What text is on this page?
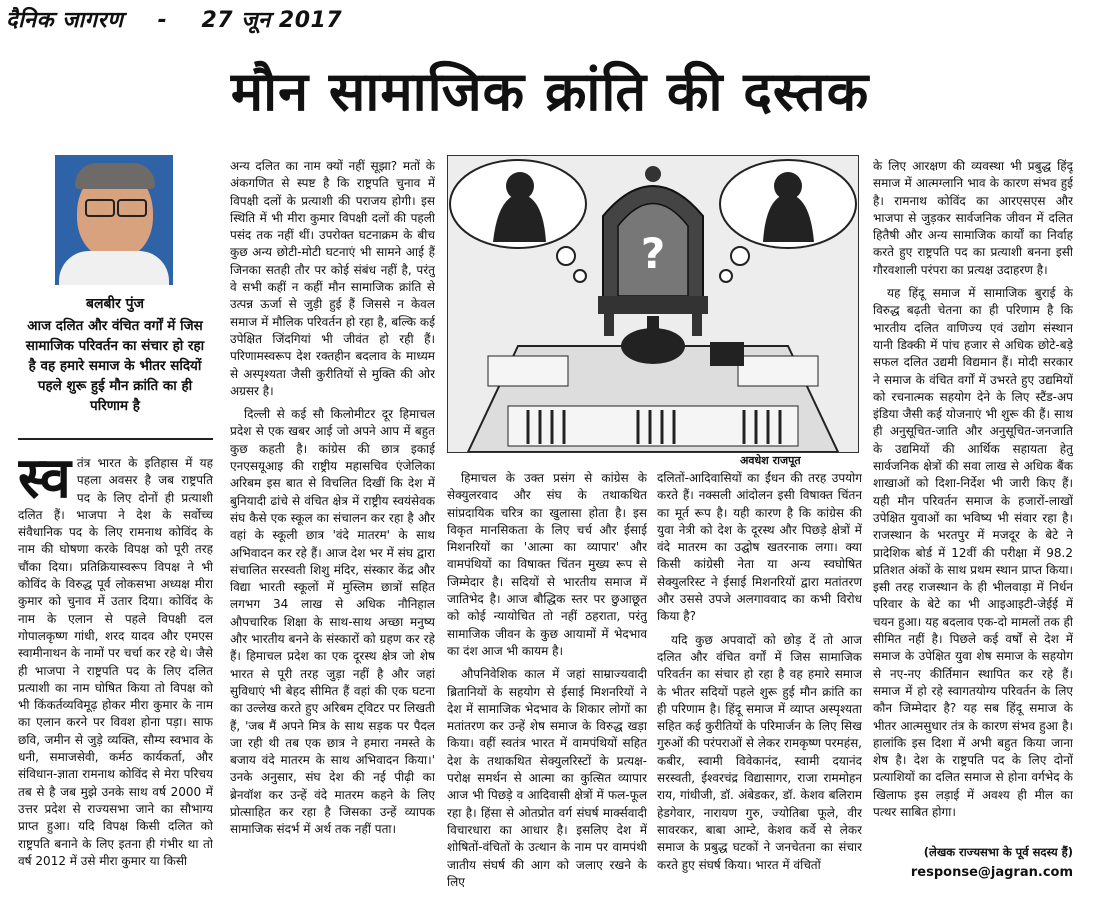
दैनिक जागरण - 27 जून 2017
मौन सामाजिक क्रांति की दस्तक
बलबीर पुंज
आज दलित और वंचित वर्गों में जिस सामाजिक परिवर्तन का संचार हो रहा है वह हमारे समाज के भीतर सदियों पहले शुरू हुई मौन क्रांति का ही परिणाम है

स्व तंत्र भारत के इतिहास में यह पहला अवसर है जब राष्ट्रपति पद के लिए दोनों ही प्रत्याशी दलित हैं। भाजपा ने देश के सर्वोच्च संवैधानिक पद के लिए रामनाथ कोविंद के नाम की घोषणा करके विपक्ष को पूरी तरह चौंका दिया। प्रतिक्रियास्वरूप विपक्ष ने भी कोविंद के विरुद्ध पूर्व लोकसभा अध्यक्ष मीरा कुमार को चुनाव में उतार दिया। कोविंद के नाम के एलान से पहले विपक्षी दल गोपालकृष्ण गांधी, शरद यादव और एमएस स्वामीनाथन के नामों पर चर्चा कर रहे थे। जैसे ही भाजपा ने राष्ट्रपति पद के लिए दलित प्रत्याशी का नाम घोषित किया तो विपक्ष को भी किंकर्तव्यविमूढ़ होकर मीरा कुमार के नाम का एलान करने पर विवश होना पड़ा। साफ छवि, जमीन से जुड़े व्यक्ति, सौम्य स्वभाव के धनी, समाजसेवी, कर्मठ कार्यकर्ता, और संविधान-ज्ञाता रामनाथ कोविंद से मेरा परिचय तब से है जब मुझे उनके साथ वर्ष 2000 में उत्तर प्रदेश से राज्यसभा जाने का सौभाग्य प्राप्त हुआ। यदि विपक्ष किसी दलित को राष्ट्रपति बनाने के लिए इतना ही गंभीर था तो वर्ष 2012 में उसे मीरा कुमार या किसी

अन्य दलित का नाम क्यों नहीं सूझा? मतों के अंकगणित से स्पष्ट है कि राष्ट्रपति चुनाव में विपक्षी दलों के प्रत्याशी की पराजय होगी। इस स्थिति में भी मीरा कुमार विपक्षी दलों की पहली पसंद तक नहीं थीं। उपरोक्त घटनाक्रम के बीच कुछ अन्य छोटी-मोटी घटनाएं भी सामने आई हैं जिनका सतही तौर पर कोई संबंध नहीं है, परंतु वे सभी कहीं न कहीं मौन सामाजिक क्रांति से उत्पन्न ऊर्जा से जुड़ी हुई हैं जिससे न केवल समाज में मौलिक परिवर्तन हो रहा है, बल्कि कई उपेक्षित जिंदगियां भी जीवंत हो रही हैं। परिणामस्वरूप देश रक्तहीन बदलाव के माध्यम से अस्पृश्यता जैसी कुरीतियों से मुक्ति की ओर अग्रसर है।

दिल्ली से कई सौ किलोमीटर दूर हिमाचल प्रदेश से एक खबर आई जो अपने आप में बहुत कुछ कहती है। कांग्रेस की छात्र इकाई एनएसयूआइ की राष्ट्रीय महासचिव एंजेलिका अरिबम इस बात से विचलित दिखीं कि देश में बुनियादी ढांचे से वंचित क्षेत्र में राष्ट्रीय स्वयंसेवक संघ कैसे एक स्कूल का संचालन कर रहा है और वहां के स्कूली छात्र 'वंदे मातरम' के साथ अभिवादन कर रहे हैं। आज देश भर में संघ द्वारा संचालित सरस्वती शिशु मंदिर, संस्कार केंद्र और विद्या भारती स्कूलों में मुस्लिम छात्रों सहित लगभग 34 लाख से अधिक नौनिहाल औपचारिक शिक्षा के साथ-साथ अच्छा मनुष्य और भारतीय बनने के संस्कारों को ग्रहण कर रहे हैं। हिमाचल प्रदेश का एक दूरस्थ क्षेत्र जो शेष भारत से पूरी तरह जुड़ा नहीं है और जहां सुविधाएं भी बेहद सीमित हैं वहां की एक घटना का उल्लेख करते हुए अरिबम ट्विटर पर लिखती हैं, 'जब मैं अपने मित्र के साथ सड़क पर पैदल जा रही थी तब एक छात्र ने हमारा नमस्ते के बजाय वंदे मातरम के साथ अभिवादन किया।' उनके अनुसार, संघ देश की नई पीढ़ी का ब्रेनवॉश कर उन्हें वंदे मातरम कहने के लिए प्रोत्साहित कर रहा है जिसका उन्हें व्यापक सामाजिक संदर्भ में अर्थ तक नहीं पता।

?
अवधेश राजपूत

हिमाचल के उक्त प्रसंग से कांग्रेस के सेक्युलरवाद और संघ के तथाकथित सांप्रदायिक चरित्र का खुलासा होता है। इस विकृत मानसिकता के लिए चर्च और ईसाई मिशनरियों का 'आत्मा का व्यापार' और वामपंथियों का विषाक्त चिंतन मुख्य रूप से जिम्मेदार है। सदियों से भारतीय समाज में जातिभेद है। आज बौद्धिक स्तर पर छुआछूत को कोई न्यायोचित तो नहीं ठहराता, परंतु सामाजिक जीवन के कुछ आयामों में भेदभाव का दंश आज भी कायम है।

औपनिवेशिक काल में जहां साम्राज्यवादी ब्रितानियों के सहयोग से ईसाई मिशनरियों ने देश में सामाजिक भेदभाव के शिकार लोगों का मतांतरण कर उन्हें शेष समाज के विरुद्ध खड़ा किया। वहीं स्वतंत्र भारत में वामपंथियों सहित देश के तथाकथित सेक्युलरिस्टों के प्रत्यक्ष-परोक्ष समर्थन से आत्मा का कुत्सित व्यापार आज भी पिछड़े व आदिवासी क्षेत्रों में फल-फूल रहा है। हिंसा से ओतप्रोत वर्ग संघर्ष मार्क्सवादी विचारधारा का आधार है। इसलिए देश में शोषितों-वंचितों के उत्थान के नाम पर वामपंथी जातीय संघर्ष की आग को जलाए रखने के लिए

दलितों-आदिवासियों का ईंधन की तरह उपयोग करते हैं। नक्सली आंदोलन इसी विषाक्त चिंतन का मूर्त रूप है। यही कारण है कि कांग्रेस की युवा नेत्री को देश के दूरस्थ और पिछड़े क्षेत्रों में वंदे मातरम का उद्घोष खतरनाक लगा। क्या किसी कांग्रेसी नेता या अन्य स्वघोषित सेक्युलरिस्ट ने ईसाई मिशनरियों द्वारा मतांतरण और उससे उपजे अलगाववाद का कभी विरोध किया है?

यदि कुछ अपवादों को छोड़ दें तो आज दलित और वंचित वर्गों में जिस सामाजिक परिवर्तन का संचार हो रहा है वह हमारे समाज के भीतर सदियों पहले शुरू हुई मौन क्रांति का ही परिणाम है। हिंदू समाज में व्याप्त अस्पृश्यता सहित कई कुरीतियों के परिमार्जन के लिए सिख गुरुओं की परंपराओं से लेकर रामकृष्ण परमहंस, कबीर, स्वामी विवेकानंद, स्वामी दयानंद सरस्वती, ईश्वरचंद्र विद्यासागर, राजा राममोहन राय, गांधीजी, डॉ. अंबेडकर, डॉ. केशव बलिराम हेडगेवार, नारायण गुरु, ज्योतिबा फूले, वीर सावरकर, बाबा आम्टे, केशव कर्वे से लेकर समाज के प्रबुद्ध घटकों ने जनचेतना का संचार करते हुए संघर्ष किया। भारत में वंचितों

के लिए आरक्षण की व्यवस्था भी प्रबुद्ध हिंदू समाज में आत्मग्लानि भाव के कारण संभव हुई है। रामनाथ कोविंद का आरएसएस और भाजपा से जुड़कर सार्वजनिक जीवन में दलित हितैषी और अन्य सामाजिक कार्यों का निर्वाह करते हुए राष्ट्रपति पद का प्रत्याशी बनना इसी गौरवशाली परंपरा का प्रत्यक्ष उदाहरण है।

यह हिंदू समाज में सामाजिक बुराई के विरुद्ध बढ़ती चेतना का ही परिणाम है कि भारतीय दलित वाणिज्य एवं उद्योग संस्थान यानी डिक्की में पांच हजार से अधिक छोटे-बड़े सफल दलित उद्यमी विद्यमान हैं। मोदी सरकार ने समाज के वंचित वर्गों में उभरते हुए उद्यमियों को रचनात्मक सहयोग देने के लिए स्टैंड-अप इंडिया जैसी कई योजनाएं भी शुरू की हैं। साथ ही अनुसूचित-जाति और अनुसूचित-जनजाति के उद्यमियों की आर्थिक सहायता हेतु सार्वजनिक क्षेत्रों की सवा लाख से अधिक बैंक शाखाओं को दिशा-निर्देश भी जारी किए हैं। यही मौन परिवर्तन समाज के हजारों-लाखों उपेक्षित युवाओं का भविष्य भी संवार रहा है। राजस्थान के भरतपुर में मजदूर के बेटे ने प्रादेशिक बोर्ड में 12वीं की परीक्षा में 98.2 प्रतिशत अंकों के साथ प्रथम स्थान प्राप्त किया। इसी तरह राजस्थान के ही भीलवाड़ा में निर्धन परिवार के बेटे का भी आइआइटी-जेईई में चयन हुआ। यह बदलाव एक-दो मामलों तक ही सीमित नहीं है। पिछले कई वर्षों से देश में समाज के उपेक्षित युवा शेष समाज के सहयोग से नए-नए कीर्तिमान स्थापित कर रहे हैं। समाज में हो रहे स्वागतयोग्य परिवर्तन के लिए कौन जिम्मेदार है? यह सब हिंदू समाज के भीतर आत्मसुधार तंत्र के कारण संभव हुआ है। हालांकि इस दिशा में अभी बहुत किया जाना शेष है। देश के राष्ट्रपति पद के लिए दोनों प्रत्याशियों का दलित समाज से होना वर्गभेद के खिलाफ इस लड़ाई में अवश्य ही मील का पत्थर साबित होगा।

(लेखक राज्यसभा के पूर्व सदस्य हैं)
response@jagran.com
